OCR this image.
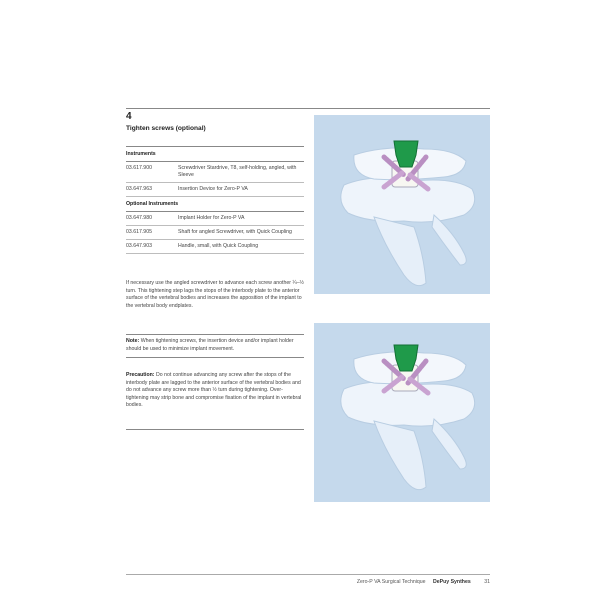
4
Tighten screws (optional)
Instruments	
03.617.900	Screwdriver Stardrive, T8, self-holding, angled, with Sleeve
03.647.963	Insertion Device for Zero-P VA
Optional Instruments	
03.647.980	Implant Holder for Zero-P VA
03.617.905	Shaft for angled Screwdriver, with Quick Coupling
03.647.903	Handle, small, with Quick Coupling
If necessary use the angled screwdriver to advance each screw another ¼–½ turn. This tightening step lags the stops of the interbody plate to the anterior surface of the vertebral bodies and increases the apposition of the implant to the vertebral body endplates.
Note: When tightening screws, the insertion device and/or implant holder should be used to minimize implant movement.
Precaution: Do not continue advancing any screw after the stops of the interbody plate are lagged to the anterior surface of the vertebral bodies and do not advance any screw more than ½ turn during tightening. Over-tightening may strip bone and compromise fixation of the implant in vertebral bodies.
Zero-P VA Surgical Technique DePuy Synthes	31
